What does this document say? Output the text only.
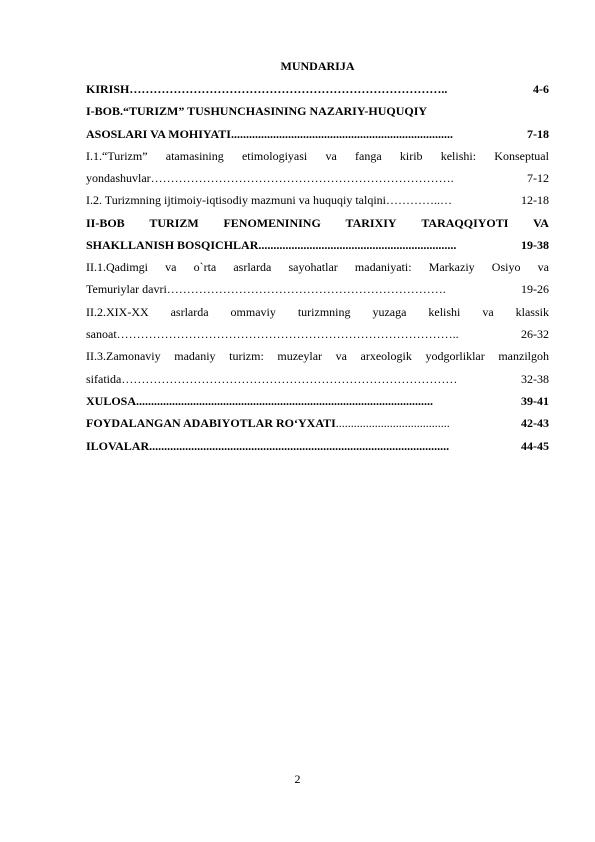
MUNDARIJA
KIRISH ……………………………………………………………………..	4-6
I-BOB.“TURIZM” TUSHUNCHASINING NAZARIY-HUQUQIY
ASOSLARI VA MOHIYATI ..........................................................................	7-18
I.1.“Turizm” atamasining etimologiyasi va fanga kirib kelishi: Konseptual
yondashuvlar ………………………………………………………………….	7-12
I.2. Turizmning ijtimoiy-iqtisodiy mazmuni va huquqiy talqini …………..…	12-18
II-BOB TURIZM FENOMENINING TARIXIY TARAQQIYOTI VA
SHAKLLANISH BOSQICHLAR ..................................................................	19-38
II.1.Qadimgi va o`rta asrlarda sayohatlar madaniyati: Markaziy Osiyo va
Temuriylar davri …………………………………………………………….	19-26
II.2.XIX-XX asrlarda ommaviy turizmning yuzaga kelishi va klassik
sanoat …………………………………………………………………………..	26-32
II.3.Zamonaviy madaniy turizm: muzeylar va arxeologik yodgorliklar manzilgoh
sifatida …………………………………………………………………………	32-38
XULOSA ...................................................................................................	39-41
FOYDALANGAN ADABIYOTLAR RO‘YXATI ......................................	42-43
ILOVALAR ....................................................................................................	44-45
2
